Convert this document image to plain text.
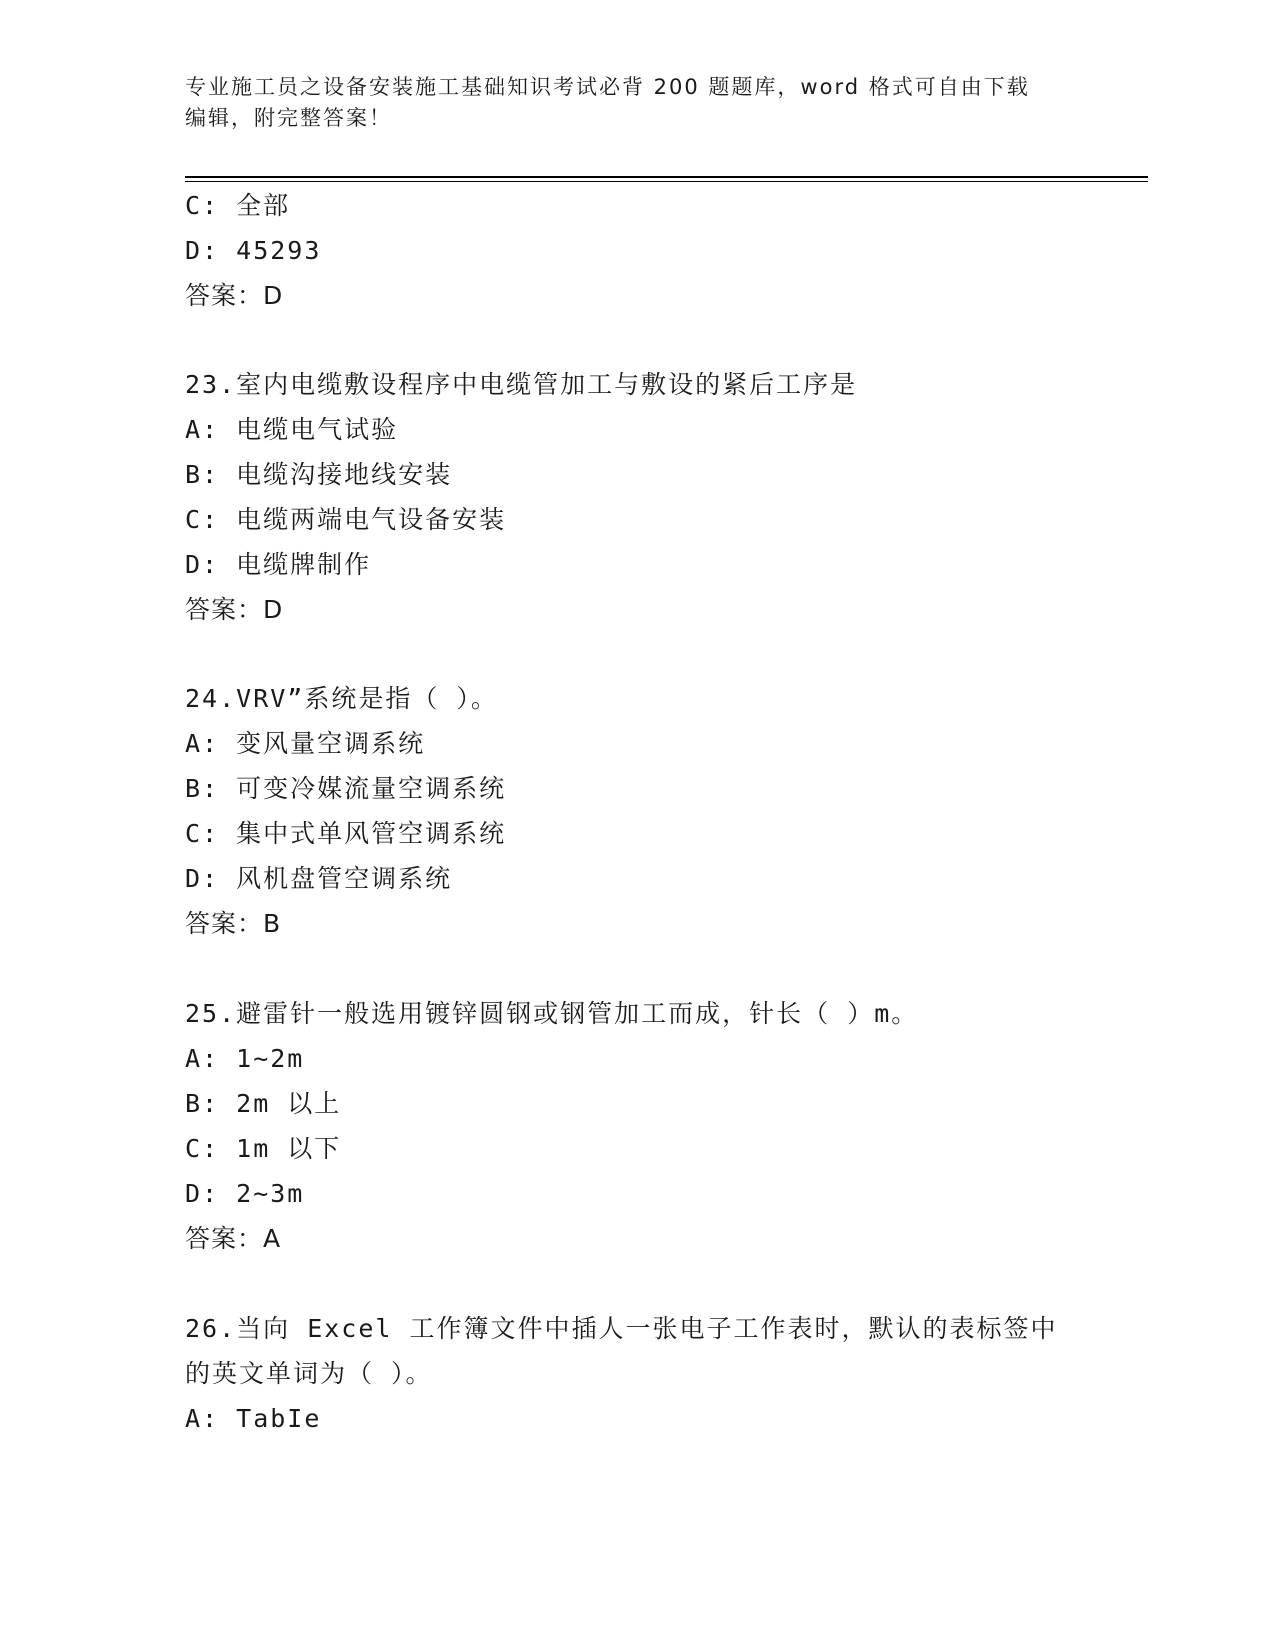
专业施工员之设备安装施工基础知识考试必背 200 题题库，word 格式可自由下载
编辑，附完整答案！
C: 全部
D: 45293
答案：D
23.室内电缆敷设程序中电缆管加工与敷设的紧后工序是
A: 电缆电气试验
B: 电缆沟接地线安装
C: 电缆两端电气设备安装
D: 电缆牌制作
答案：D
24.VRV”系统是指（ ）。
A: 变风量空调系统
B: 可变冷媒流量空调系统
C: 集中式单风管空调系统
D: 风机盘管空调系统
答案：B
25.避雷针一般选用镀锌圆钢或钢管加工而成，针长（ ）m。
A: 1~2m
B: 2m 以上
C: 1m 以下
D: 2~3m
答案：A
26.当向 Excel 工作簿文件中插人一张电子工作表时，默认的表标签中
的英文单词为（ ）。
A: TabIe
